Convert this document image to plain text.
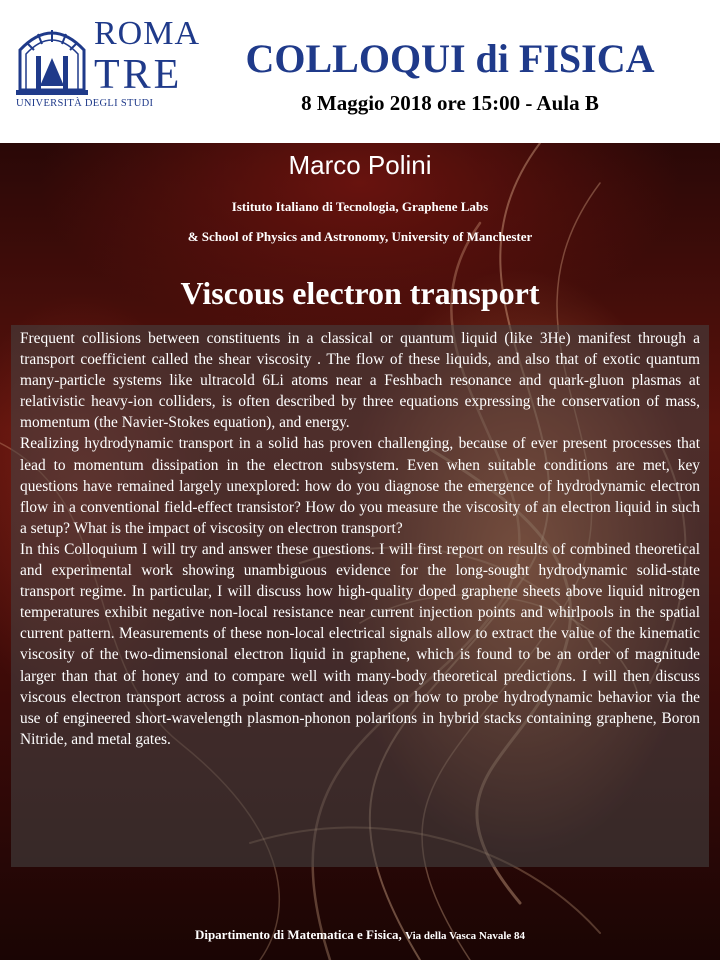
ROMA
TRE
UNIVERSITÀ DEGLI STUDI
COLLOQUI di FISICA
8 Maggio 2018 ore 15:00 - Aula B
Marco Polini
Istituto Italiano di Tecnologia, Graphene Labs
& School of Physics and Astronomy, University of Manchester
Viscous electron transport

Frequent collisions between constituents in a classical or quantum liquid (like 3He) manifest through a transport coefficient called the shear viscosity . The flow of these liquids, and also that of exotic quantum many-particle systems like ultracold 6Li atoms near a Feshbach resonance and quark-gluon plasmas at relativistic heavy-ion colliders, is often described by three equations expressing the conservation of mass, momentum (the Navier-Stokes equation), and energy.

Realizing hydrodynamic transport in a solid has proven challenging, because of ever present processes that lead to momentum dissipation in the electron subsystem. Even when suitable conditions are met, key questions have remained largely unexplored: how do you diagnose the emergence of hydrodynamic electron flow in a conventional field-effect transistor? How do you measure the viscosity of an electron liquid in such a setup? What is the impact of viscosity on electron transport?

In this Colloquium I will try and answer these questions. I will first report on results of combined theoretical and experimental work showing unambiguous evidence for the long-sought hydrodynamic solid-state transport regime. In particular, I will discuss how high-quality doped graphene sheets above liquid nitrogen temperatures exhibit negative non-local resistance near current injection points and whirlpools in the spatial current pattern. Measurements of these non-local electrical signals allow to extract the value of the kinematic viscosity of the two-dimensional electron liquid in graphene, which is found to be an order of magnitude larger than that of honey and to compare well with many-body theoretical predictions. I will then discuss viscous electron transport across a point contact and ideas on how to probe hydrodynamic behavior via the use of engineered short-wavelength plasmon-phonon polaritons in hybrid stacks containing graphene, Boron Nitride, and metal gates.

Dipartimento di Matematica e Fisica, Via della Vasca Navale 84
